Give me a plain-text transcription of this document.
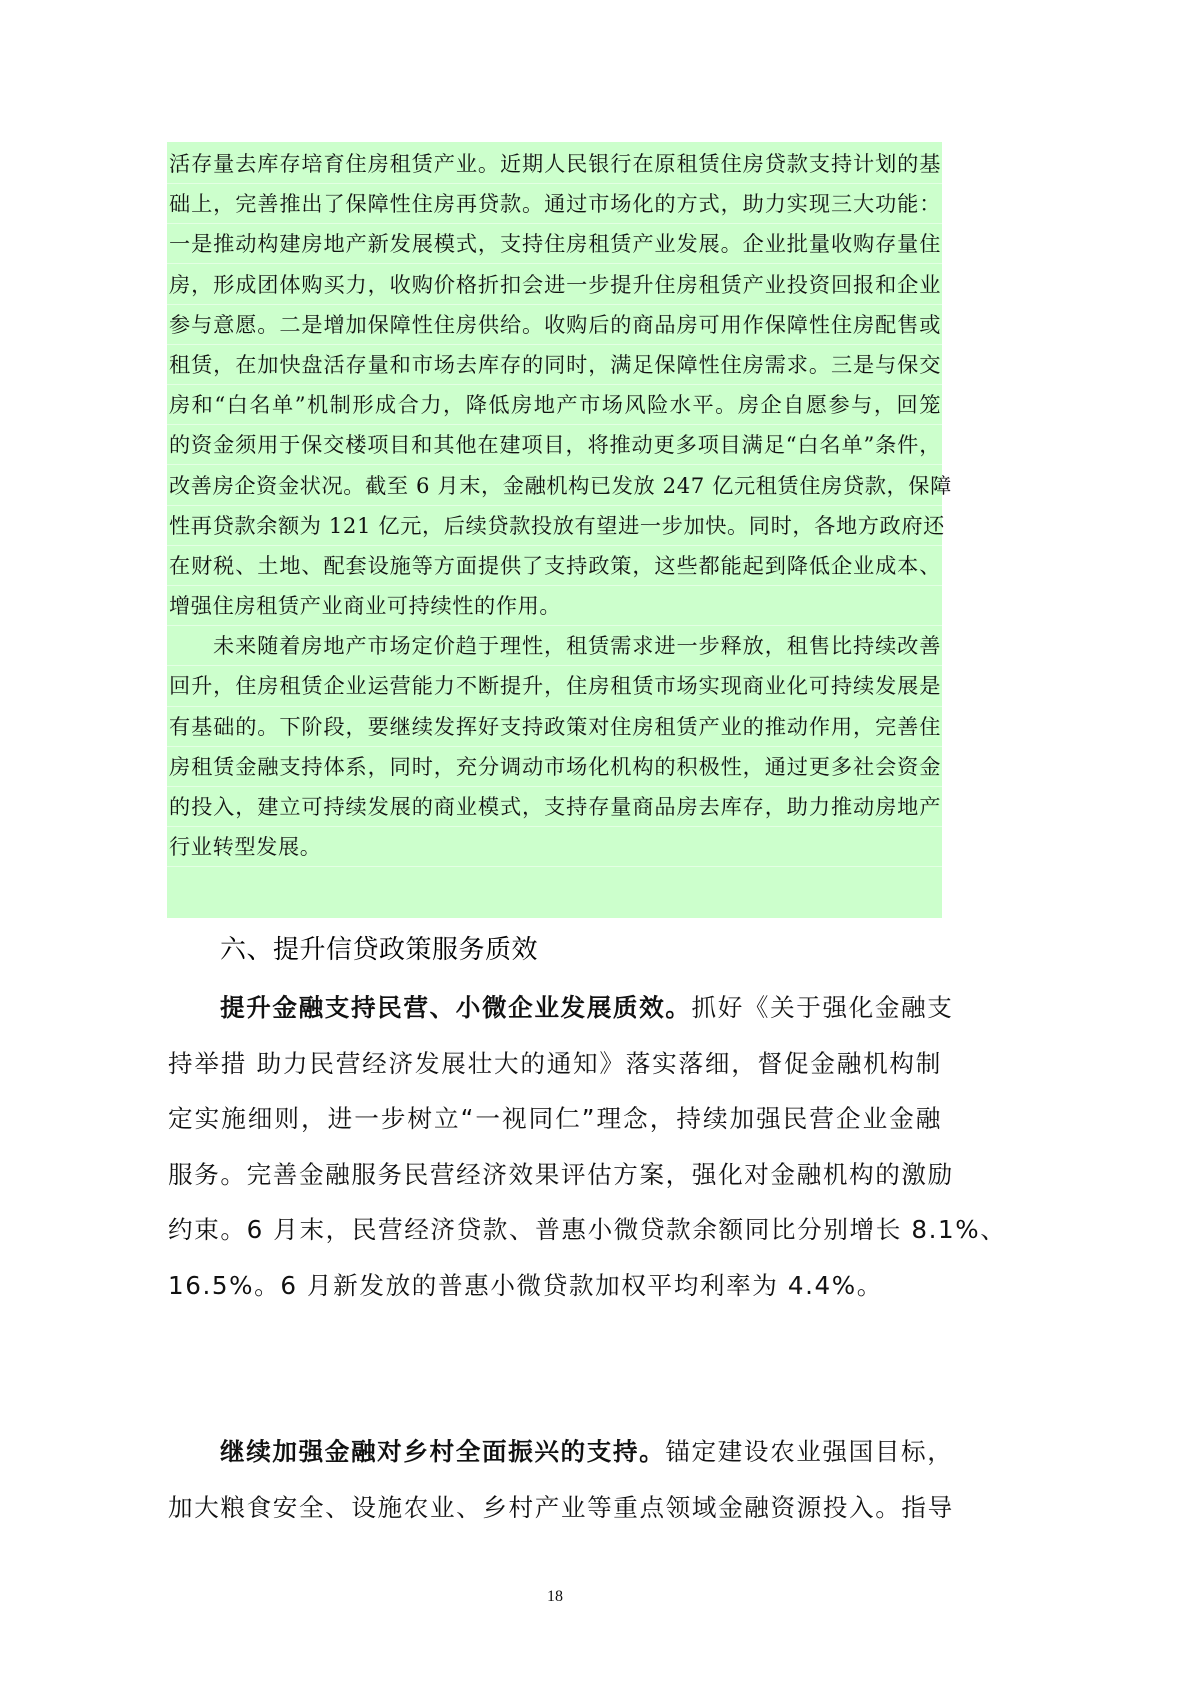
活存量去库存培育住房租赁产业。近期人民银行在原租赁住房贷款支持计划的基
础上，完善推出了保障性住房再贷款。通过市场化的方式，助力实现三大功能：
一是推动构建房地产新发展模式，支持住房租赁产业发展。企业批量收购存量住
房，形成团体购买力，收购价格折扣会进一步提升住房租赁产业投资回报和企业
参与意愿。二是增加保障性住房供给。收购后的商品房可用作保障性住房配售或
租赁，在加快盘活存量和市场去库存的同时，满足保障性住房需求。三是与保交
房和“白名单”机制形成合力，降低房地产市场风险水平。房企自愿参与，回笼
的资金须用于保交楼项目和其他在建项目，将推动更多项目满足“白名单”条件，
改善房企资金状况。截至 6 月末，金融机构已发放 247 亿元租赁住房贷款，保障
性再贷款余额为 121 亿元，后续贷款投放有望进一步加快。同时，各地方政府还
在财税、土地、配套设施等方面提供了支持政策，这些都能起到降低企业成本、
增强住房租赁产业商业可持续性的作用。
未来随着房地产市场定价趋于理性，租赁需求进一步释放，租售比持续改善
回升，住房租赁企业运营能力不断提升，住房租赁市场实现商业化可持续发展是
有基础的。下阶段，要继续发挥好支持政策对住房租赁产业的推动作用，完善住
房租赁金融支持体系，同时，充分调动市场化机构的积极性，通过更多社会资金
的投入，建立可持续发展的商业模式，支持存量商品房去库存，助力推动房地产
行业转型发展。
六、提升信贷政策服务质效
提升金融支持民营、小微企业发展质效。抓好《关于强化金融支
持举措 助力民营经济发展壮大的通知》落实落细，督促金融机构制
定实施细则，进一步树立“一视同仁”理念，持续加强民营企业金融
服务。完善金融服务民营经济效果评估方案，强化对金融机构的激励
约束。6 月末，民营经济贷款、普惠小微贷款余额同比分别增长 8.1%、
16.5%。6 月新发放的普惠小微贷款加权平均利率为 4.4%。
继续加强金融对乡村全面振兴的支持。锚定建设农业强国目标，
加大粮食安全、设施农业、乡村产业等重点领域金融资源投入。指导
18
